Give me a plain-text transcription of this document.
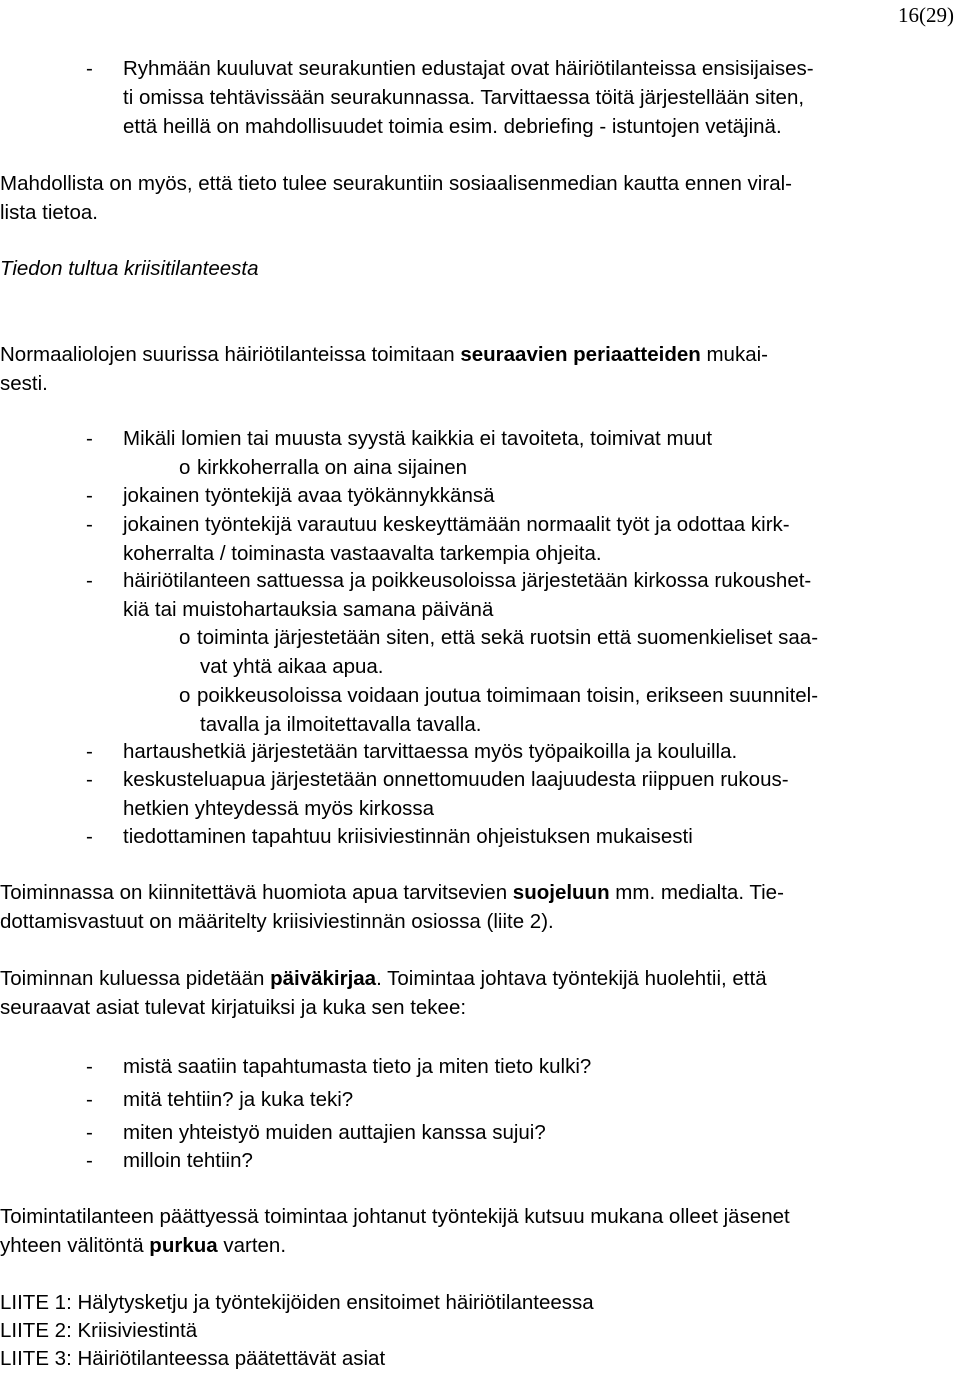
16(29)
- Ryhmään kuuluvat seurakuntien edustajat ovat häiriötilanteissa ensisijaises-
ti omissa tehtävissään seurakunnassa. Tarvittaessa töitä järjestellään siten,
että heillä on mahdollisuudet toimia esim. debriefing - istuntojen vetäjinä.
Mahdollista on myös, että tieto tulee seurakuntiin sosiaalisenmedian kautta ennen viral-
lista tietoa.
Tiedon tultua kriisitilanteesta
Normaaliolojen suurissa häiriötilanteissa toimitaan seuraavien periaatteiden mukai-
sesti.
- Mikäli lomien tai muusta syystä kaikkia ei tavoiteta, toimivat muut
o kirkkoherralla on aina sijainen
- jokainen työntekijä avaa työkännykkänsä
- jokainen työntekijä varautuu keskeyttämään normaalit työt ja odottaa kirk-
koherralta / toiminasta vastaavalta tarkempia ohjeita.
- häiriötilanteen sattuessa ja poikkeusoloissa järjestetään kirkossa rukoushet-
kiä tai muistohartauksia samana päivänä
o toiminta järjestetään siten, että sekä ruotsin että suomenkieliset saa-
vat yhtä aikaa apua.
o poikkeusoloissa voidaan joutua toimimaan toisin, erikseen suunnitel-
tavalla ja ilmoitettavalla tavalla.
- hartaushetkiä järjestetään tarvittaessa myös työpaikoilla ja kouluilla.
- keskusteluapua järjestetään onnettomuuden laajuudesta riippuen rukous-
hetkien yhteydessä myös kirkossa
- tiedottaminen tapahtuu kriisiviestinnän ohjeistuksen mukaisesti
Toiminnassa on kiinnitettävä huomiota apua tarvitsevien suojeluun mm. medialta. Tie-
dottamisvastuut on määritelty kriisiviestinnän osiossa (liite 2).
Toiminnan kuluessa pidetään päiväkirjaa. Toimintaa johtava työntekijä huolehtii, että
seuraavat asiat tulevat kirjatuiksi ja kuka sen tekee:
- mistä saatiin tapahtumasta tieto ja miten tieto kulki?
- mitä tehtiin? ja kuka teki?
- miten yhteistyö muiden auttajien kanssa sujui?
- milloin tehtiin?
Toimintatilanteen päättyessä toimintaa johtanut työntekijä kutsuu mukana olleet jäsenet
yhteen välitöntä purkua varten.
LIITE 1: Hälytysketju ja työntekijöiden ensitoimet häiriötilanteessa
LIITE 2: Kriisiviestintä
LIITE 3: Häiriötilanteessa päätettävät asiat
